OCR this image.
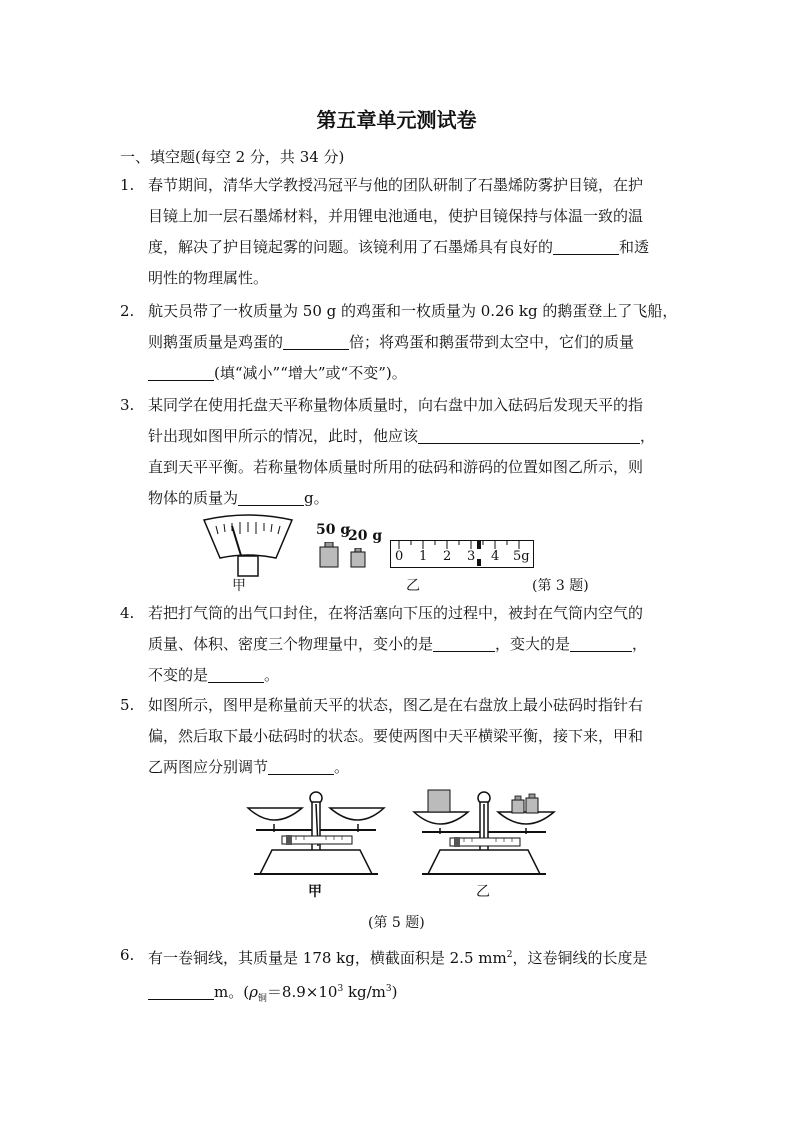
第五章单元测试卷
一、填空题(每空 2 分，共 34 分)
1. 春节期间，清华大学教授冯冠平与他的团队研制了石墨烯防雾护目镜，在护

目镜上加一层石墨烯材料，并用锂电池通电，使护目镜保持与体温一致的温

度，解决了护目镜起雾的问题。该镜利用了石墨烯具有良好的	和透

明性的物理属性。

2. 航天员带了一枚质量为 50 g 的鸡蛋和一枚质量为 0.26 kg 的鹅蛋登上了飞船，

则鹅蛋质量是鸡蛋的	倍；将鸡蛋和鹅蛋带到太空中，它们的质量

(填“减小”“增大”或“不变”)。

3. 某同学在使用托盘天平称量物体质量时，向右盘中加入砝码后发现天平的指

针出现如图甲所示的情况，此时，他应该	，

直到天平平衡。若称量物体质量时所用的砝码和游码的位置如图乙所示，则

物体的质量为	g。

50 g
20 g
0 1 2 3 4 5g
甲	乙	(第 3 题)
4. 若把打气筒的出气口封住，在将活塞向下压的过程中，被封在气筒内空气的

质量、体积、密度三个物理量中，变小的是	，变大的是	，

不变的是	。

5. 如图所示，图甲是称量前天平的状态，图乙是在右盘放上最小砝码时指针右

偏，然后取下最小砝码时的状态。要使两图中天平横梁平衡，接下来，甲和

乙两图应分别调节	。

甲	乙
(第 5 题)
6. 有一卷铜线，其质量是 178 kg，横截面积是 2.5 $mm^2$，这卷铜线的长度是

m。($\rho_铜=8.9\times 10^3$ $kg/m^3$)
